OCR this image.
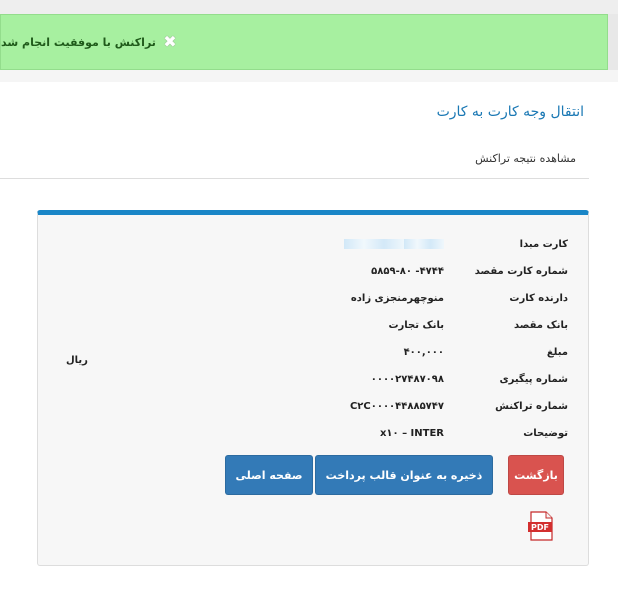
✖
تراکنش با موفقیت انجام شد
انتقال وجه کارت به کارت
مشاهده نتیجه تراکنش
کارت مبدا
شماره کارت مقصد
۵۸۵۹-۸۰ -۴۷۴۴
دارنده کارت
منوچهرمنجزی زاده
بانک مقصد
بانک تجارت
مبلغ
۴۰۰,۰۰۰
ریال
شماره پیگیری
۰۰۰۰۲۷۴۸۷۰۹۸
شماره تراکنش
C۲C۰۰۰۰۴۴۸۸۵۷۴۷
توضیحات
x۱۰ – INTER
بازگشت
ذخیره به عنوان قالب پرداخت
صفحه اصلی
PDF
